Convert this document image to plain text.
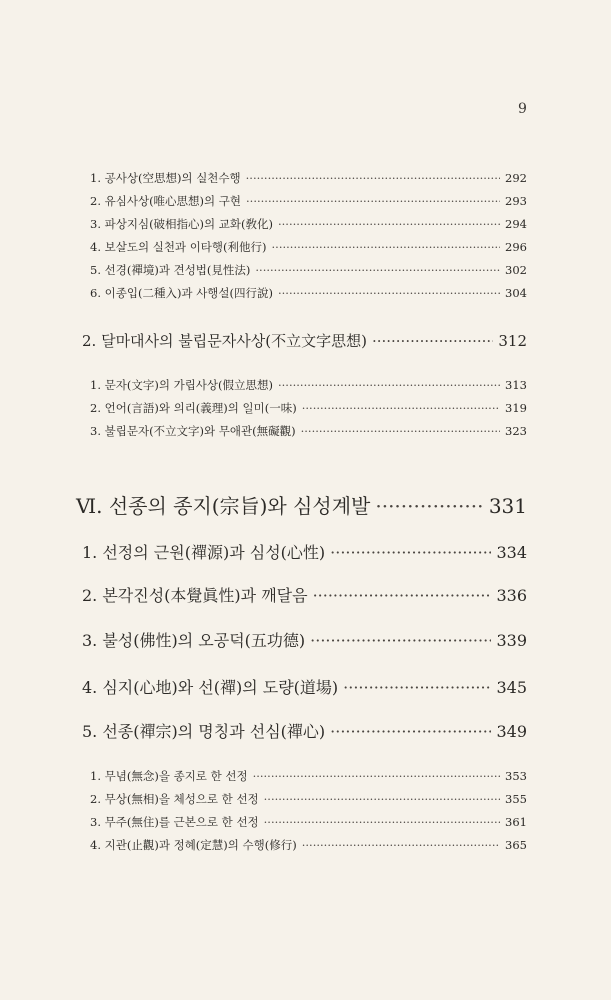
9
1. 공사상(空思想)의 실천수행 ·····	292
2. 유심사상(唯心思想)의 구현 ·····	293
3. 파상지심(破相指心)의 교화(敎化) ·····	294
4. 보살도의 실천과 이타행(利他行) ·····	296
5. 선경(禪境)과 견성법(見性法) ·····	302
6. 이종입(二種入)과 사행설(四行說) ·····	304
2. 달마대사의 불립문자사상(不立文字思想) ·····	312
1. 문자(文字)의 가립사상(假立思想) ·····	313
2. 언어(言語)와 의리(義理)의 일미(一味) ·····	319
3. 불립문자(不立文字)와 무애관(無礙觀) ·····	323
Ⅵ. 선종의 종지(宗旨)와 심성계발 ·····	331
1. 선정의 근원(禪源)과 심성(心性) ·····	334
2. 본각진성(本覺眞性)과 깨달음 ·····	336
3. 불성(佛性)의 오공덕(五功德) ·····	339
4. 심지(心地)와 선(禪)의 도량(道場) ·····	345
5. 선종(禪宗)의 명칭과 선심(禪心) ·····	349
1. 무념(無念)을 종지로 한 선정 ·····	353
2. 무상(無相)을 체성으로 한 선정 ·····	355
3. 무주(無住)를 근본으로 한 선정 ·····	361
4. 지관(止觀)과 정혜(定慧)의 수행(修行) ·····	365
